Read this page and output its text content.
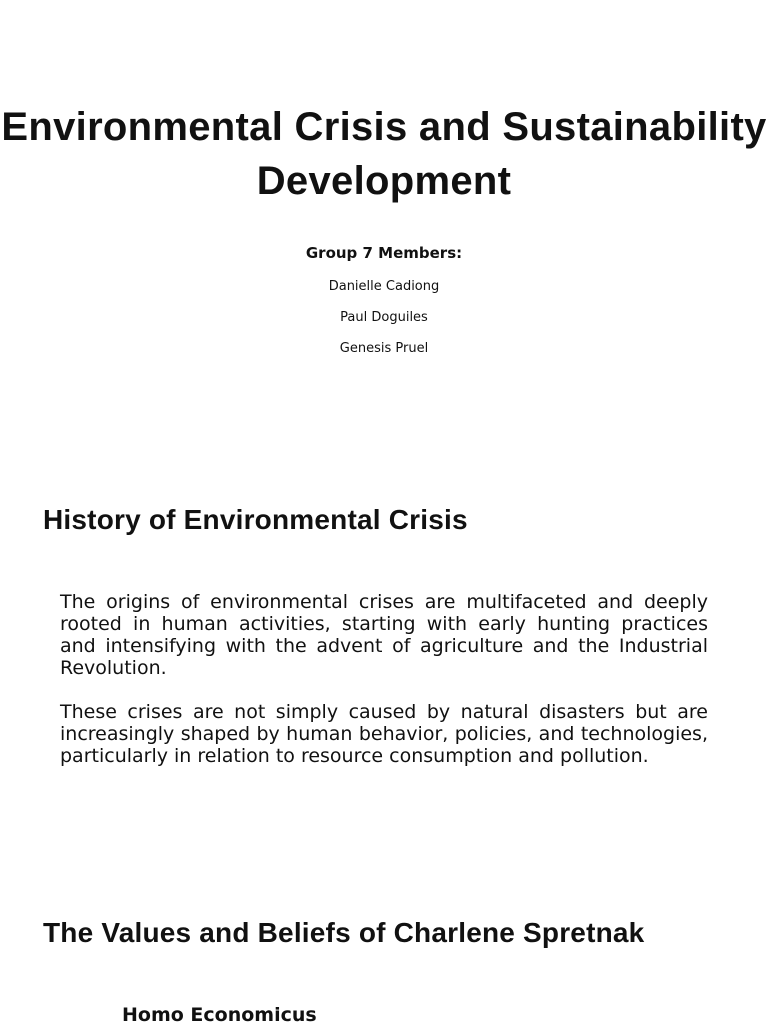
Environmental Crisis and Sustainability Development

Group 7 Members:

Danielle Cadiong

Paul Doguiles

Genesis Pruel

History of Environmental Crisis

The origins of environmental crises are multifaceted and deeply rooted in human activities, starting with early hunting practices and intensifying with the advent of agriculture and the Industrial Revolution.

These crises are not simply caused by natural disasters but are increasingly shaped by human behavior, policies, and technologies, particularly in relation to resource consumption and pollution.

The Values and Beliefs of Charlene Spretnak
Homo Economicus
